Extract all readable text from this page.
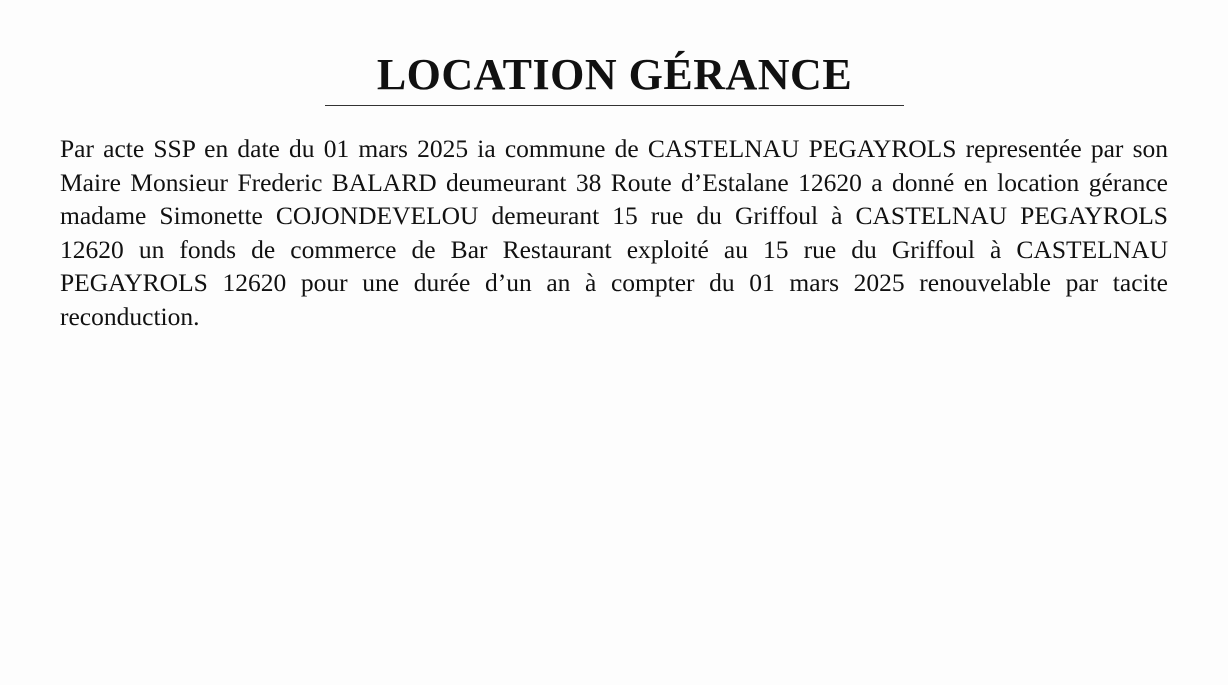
LOCATION GÉRANCE

Par acte SSP en date du 01 mars 2025 ia commune de CASTELNAU PEGAYROLS representée par son Maire Monsieur Frederic BALARD deumeurant 38 Route d’Estalane 12620 a donné en location gérance madame Simonette COJONDEVELOU demeurant 15 rue du Griffoul à CASTELNAU PEGAYROLS 12620 un fonds de commerce de Bar Restaurant exploité au 15 rue du Griffoul à CASTELNAU PEGAYROLS 12620 pour une durée d’un an à compter du 01 mars 2025 renouvelable par tacite reconduction.
